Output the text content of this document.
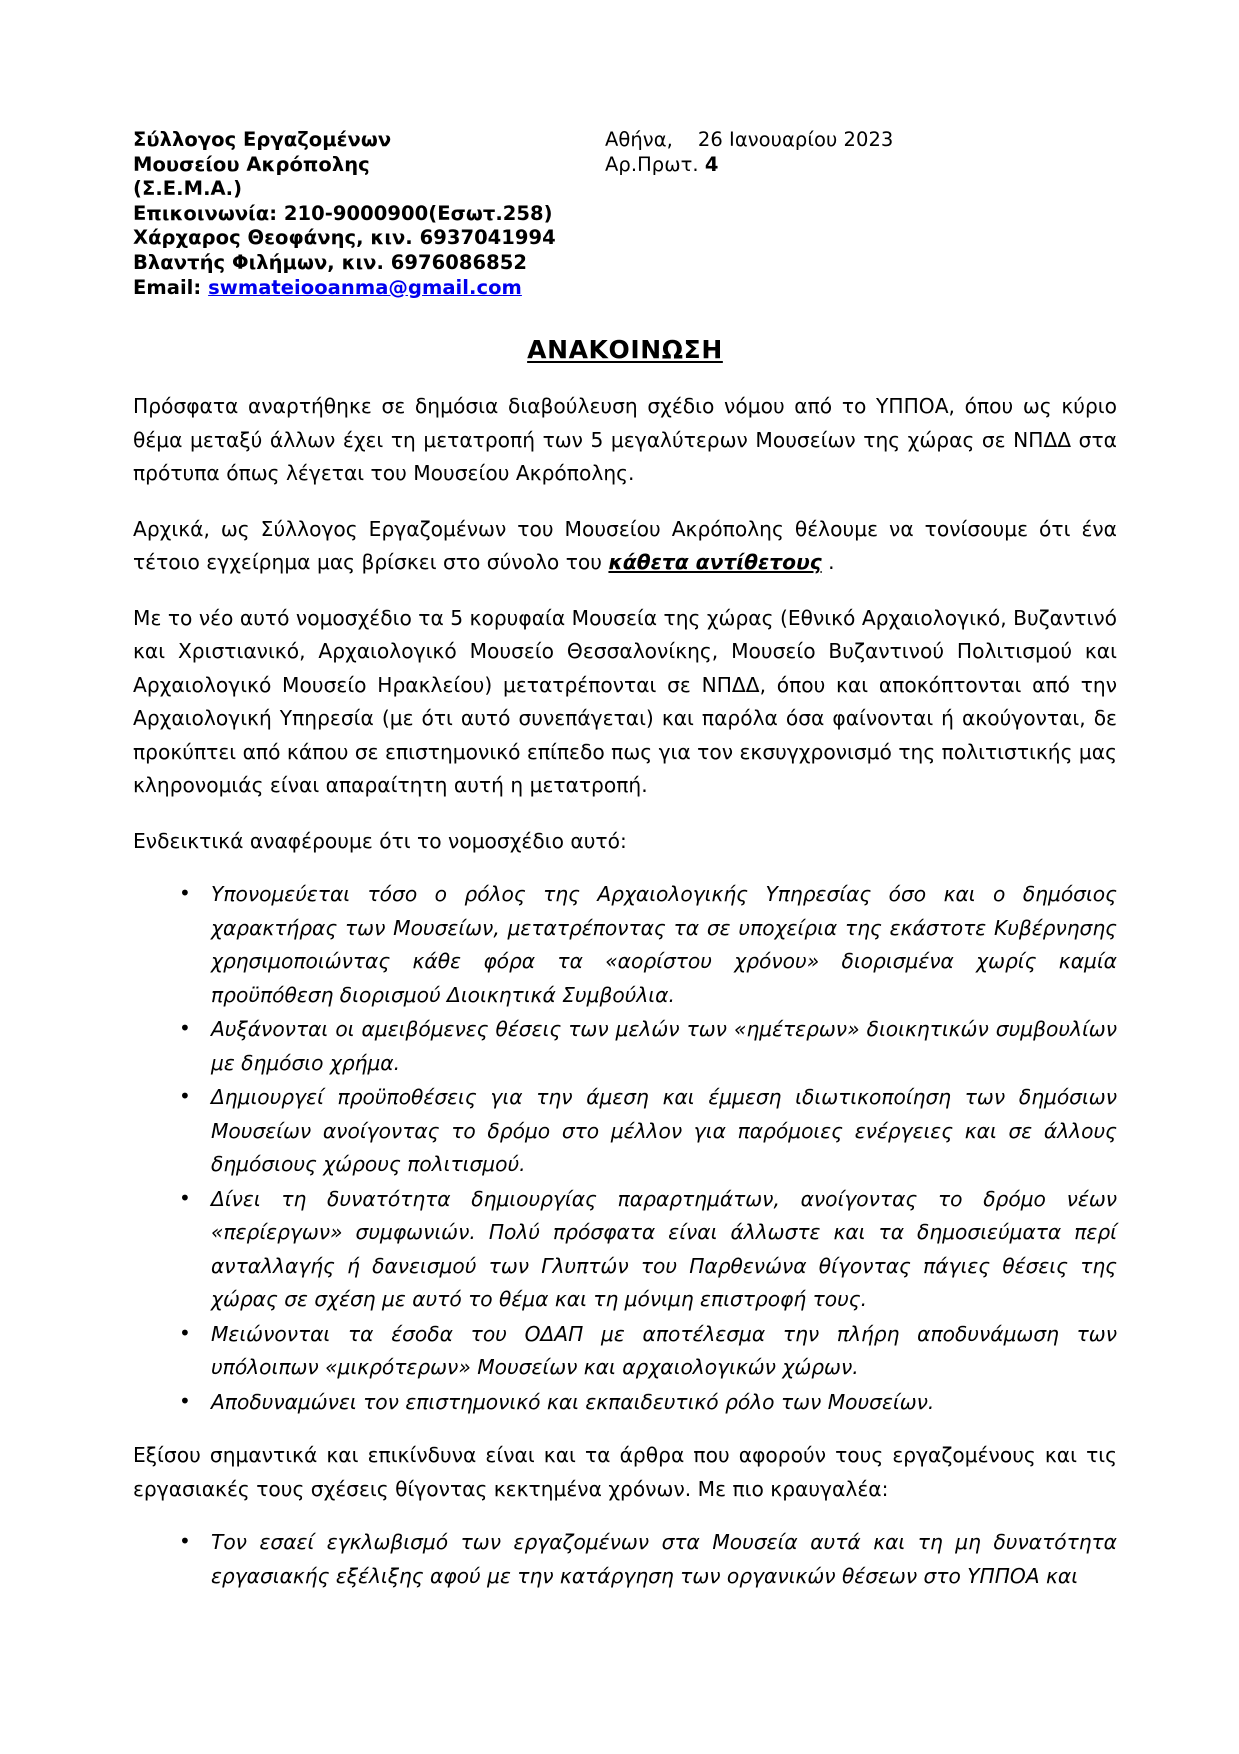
Σύλλογος Εργαζομένων
Μουσείου Ακρόπολης
(Σ.Ε.Μ.Α.)
Επικοινωνία: 210-9000900(Εσωτ.258)
Χάρχαρος Θεοφάνης, κιν. 6937041994
Βλαντής Φιλήμων, κιν. 6976086852
Email: swmateiooanma@gmail.com
Αθήνα,    26 Ιανουαρίου 2023
Αρ.Πρωτ. 4
ΑΝΑΚΟΙΝΩΣΗ

Πρόσφατα αναρτήθηκε σε δημόσια διαβούλευση σχέδιο νόμου από το ΥΠΠΟΑ, όπου ως κύριο θέμα μεταξύ άλλων έχει τη μετατροπή των 5 μεγαλύτερων Μουσείων της χώρας σε ΝΠΔΔ στα πρότυπα όπως λέγεται του Μουσείου Ακρόπολης.

Αρχικά, ως Σύλλογος Εργαζομένων του Μουσείου Ακρόπολης θέλουμε να τονίσουμε ότι ένα τέτοιο εγχείρημα μας βρίσκει στο σύνολο του κάθετα αντίθετους .

Με το νέο αυτό νομοσχέδιο τα 5 κορυφαία Μουσεία της χώρας (Εθνικό Αρχαιολογικό, Βυζαντινό και Χριστιανικό, Αρχαιολογικό Μουσείο Θεσσαλονίκης, Μουσείο Βυζαντινού Πολιτισμού και Αρχαιολογικό Μουσείο Ηρακλείου) μετατρέπονται σε ΝΠΔΔ, όπου και αποκόπτονται από την Αρχαιολογική Υπηρεσία (με ότι αυτό συνεπάγεται) και παρόλα όσα φαίνονται ή ακούγονται, δε προκύπτει από κάπου σε επιστημονικό επίπεδο πως για τον εκσυγχρονισμό της πολιτιστικής μας κληρονομιάς είναι απαραίτητη αυτή η μετατροπή.

Ενδεικτικά αναφέρουμε ότι το νομοσχέδιο αυτό:

• Υπονομεύεται τόσο ο ρόλος της Αρχαιολογικής Υπηρεσίας όσο και ο δημόσιος χαρακτήρας των Μουσείων, μετατρέποντας τα σε υποχείρια της εκάστοτε Κυβέρνησης χρησιμοποιώντας κάθε φόρα τα «αορίστου χρόνου» διορισμένα χωρίς καμία προϋπόθεση διορισμού Διοικητικά Συμβούλια.
• Αυξάνονται οι αμειβόμενες θέσεις των μελών των «ημέτερων» διοικητικών συμβουλίων με δημόσιο χρήμα.
• Δημιουργεί προϋποθέσεις για την άμεση και έμμεση ιδιωτικοποίηση των δημόσιων Μουσείων ανοίγοντας το δρόμο στο μέλλον για παρόμοιες ενέργειες και σε άλλους δημόσιους χώρους πολιτισμού.
• Δίνει τη δυνατότητα δημιουργίας παραρτημάτων, ανοίγοντας το δρόμο νέων «περίεργων» συμφωνιών. Πολύ πρόσφατα είναι άλλωστε και τα δημοσιεύματα περί ανταλλαγής ή δανεισμού των Γλυπτών του Παρθενώνα θίγοντας πάγιες θέσεις της χώρας σε σχέση με αυτό το θέμα και τη μόνιμη επιστροφή τους.
• Μειώνονται τα έσοδα του ΟΔΑΠ με αποτέλεσμα την πλήρη αποδυνάμωση των υπόλοιπων «μικρότερων» Μουσείων και αρχαιολογικών χώρων.
• Αποδυναμώνει τον επιστημονικό και εκπαιδευτικό ρόλο των Μουσείων.

Εξίσου σημαντικά και επικίνδυνα είναι και τα άρθρα που αφορούν τους εργαζομένους και τις εργασιακές τους σχέσεις θίγοντας κεκτημένα χρόνων. Με πιο κραυγαλέα:

• Τον εσαεί εγκλωβισμό των εργαζομένων στα Μουσεία αυτά και τη μη δυνατότητα εργασιακής εξέλιξης αφού με την κατάργηση των οργανικών θέσεων στο ΥΠΠΟΑ και
